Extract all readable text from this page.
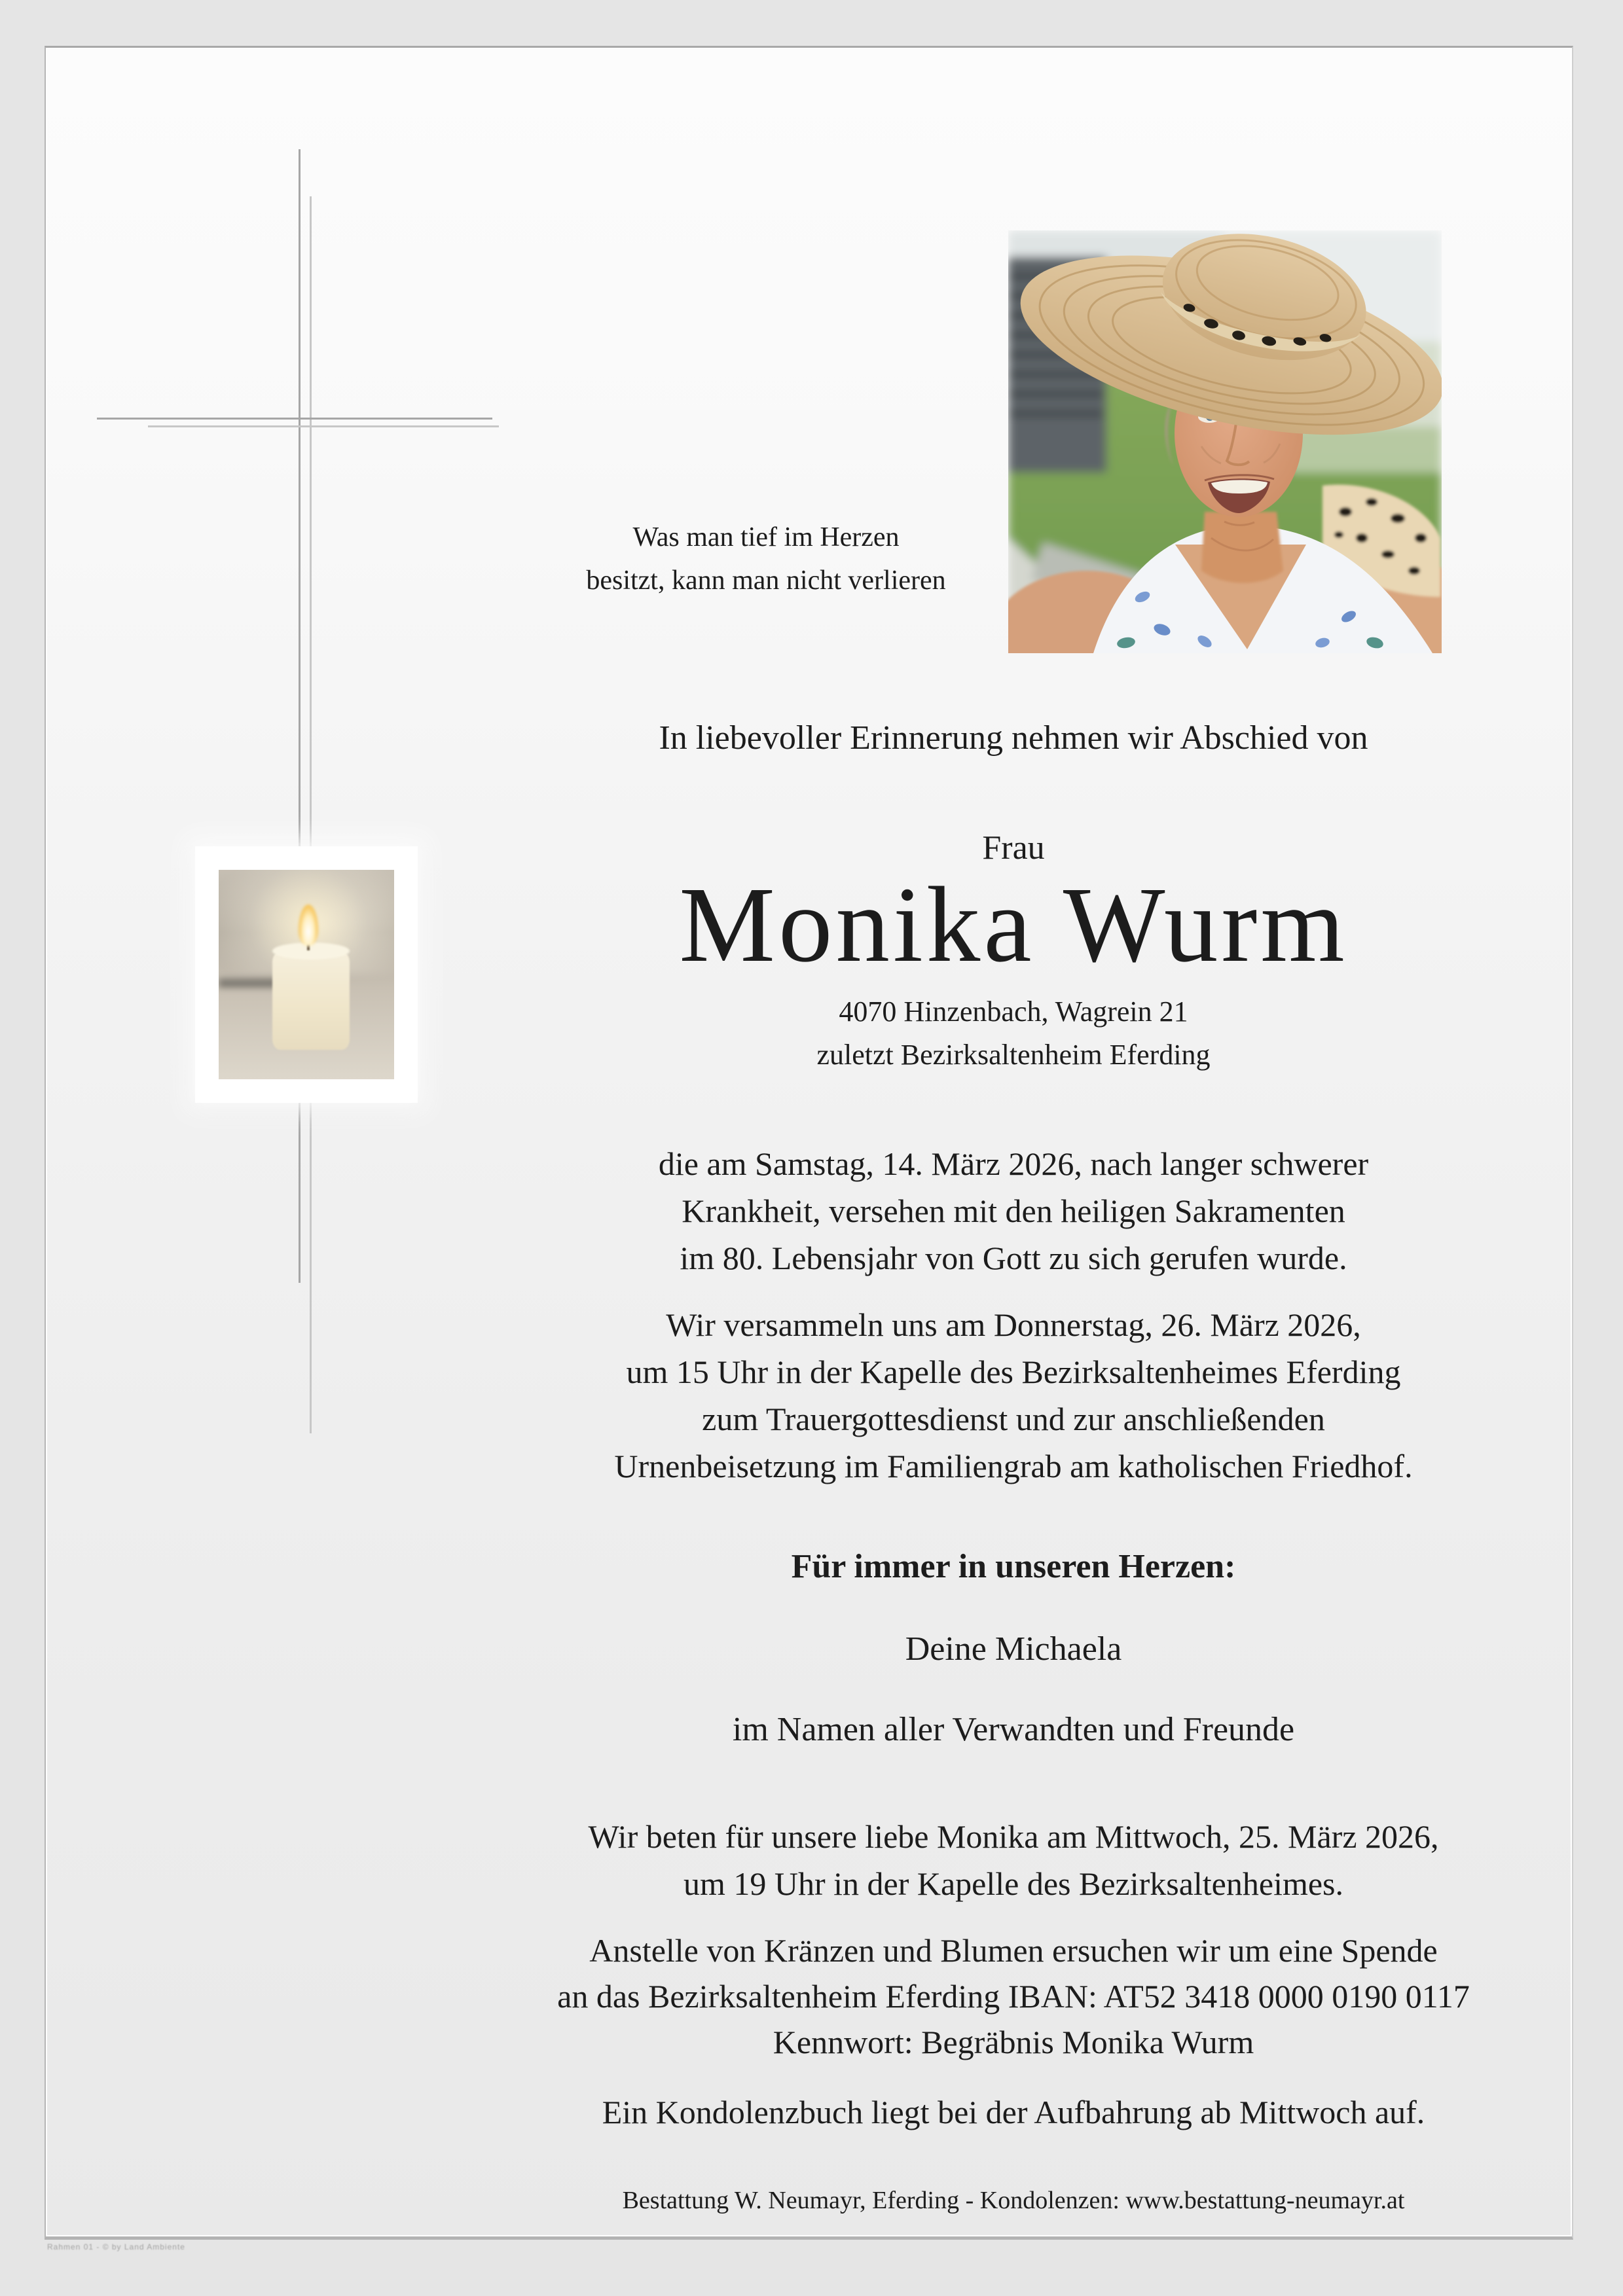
Was man tief im Herzen
besitzt, kann man nicht verlieren
In liebevoller Erinnerung nehmen wir Abschied von
Frau
Monika Wurm
4070 Hinzenbach, Wagrein 21
zuletzt Bezirksaltenheim Eferding
die am Samstag, 14. März 2026, nach langer schwerer
Krankheit, versehen mit den heiligen Sakramenten
im 80. Lebensjahr von Gott zu sich gerufen wurde.
Wir versammeln uns am Donnerstag, 26. März 2026,
um 15 Uhr in der Kapelle des Bezirksaltenheimes Eferding
zum Trauergottesdienst und zur anschließenden
Urnenbeisetzung im Familiengrab am katholischen Friedhof.
Für immer in unseren Herzen:
Deine Michaela
im Namen aller Verwandten und Freunde
Wir beten für unsere liebe Monika am Mittwoch, 25. März 2026,
um 19 Uhr in der Kapelle des Bezirksaltenheimes.
Anstelle von Kränzen und Blumen ersuchen wir um eine Spende
an das Bezirksaltenheim Eferding IBAN: AT52 3418 0000 0190 0117
Kennwort: Begräbnis Monika Wurm
Ein Kondolenzbuch liegt bei der Aufbahrung ab Mittwoch auf.
Bestattung W. Neumayr, Eferding - Kondolenzen: www.bestattung-neumayr.at
Rahmen 01 - © by Land Ambiente
